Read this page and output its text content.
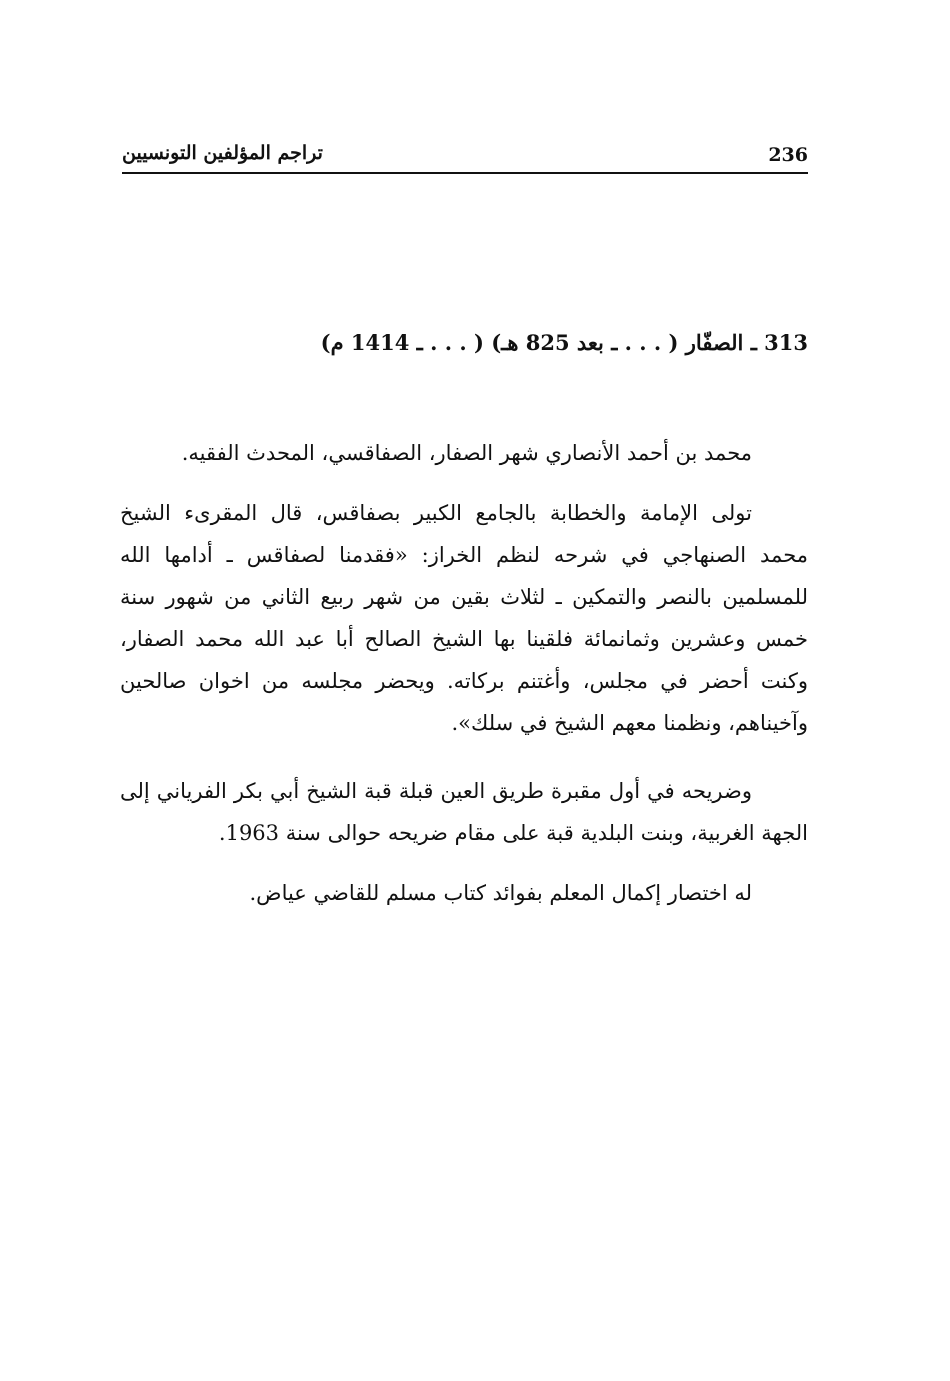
تراجم المؤلفين التونسيين	236
313 ـ الصفّار ( . . . ـ بعد 825 هـ) ( . . . ـ 1414 م)

محمد بن أحمد الأنصاري شهر الصفار، الصفاقسي، المحدث الفقيه.

تولى الإمامة والخطابة بالجامع الكبير بصفاقس، قال المقرىء الشيخ محمد الصنهاجي في شرحه لنظم الخراز: «فقدمنا لصفاقس ـ أدامها الله للمسلمين بالنصر والتمكين ـ لثلاث بقين من شهر ربيع الثاني من شهور سنة خمس وعشرين وثمانمائة فلقينا بها الشيخ الصالح أبا عبد الله محمد الصفار، وكنت أحضر في مجلس، وأغتنم بركاته. ويحضر مجلسه من اخوان صالحين وآخيناهم، ونظمنا معهم الشيخ في سلك».

وضريحه في أول مقبرة طريق العين قبلة قبة الشيخ أبي بكر الفرياني إلى الجهة الغربية، وبنت البلدية قبة على مقام ضريحه حوالى سنة 1963.

له اختصار إكمال المعلم بفوائد كتاب مسلم للقاضي عياض.
